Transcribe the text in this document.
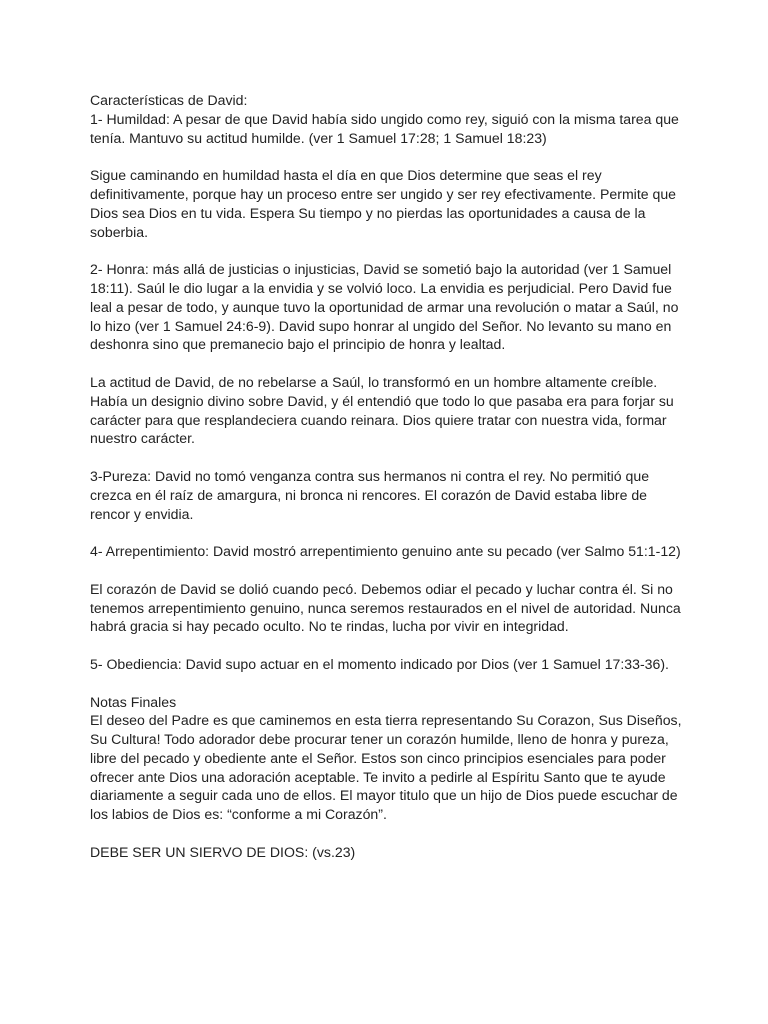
Características de David:
1- Humildad: A pesar de que David había sido ungido como rey, siguió con la misma tarea que
tenía. Mantuvo su actitud humilde. (ver 1 Samuel 17:28; 1 Samuel 18:23)

Sigue caminando en humildad hasta el día en que Dios determine que seas el rey
definitivamente, porque hay un proceso entre ser ungido y ser rey efectivamente. Permite que
Dios sea Dios en tu vida. Espera Su tiempo y no pierdas las oportunidades a causa de la
soberbia.

2- Honra: más allá de justicias o injusticias, David se sometió bajo la autoridad (ver 1 Samuel
18:11). Saúl le dio lugar a la envidia y se volvió loco. La envidia es perjudicial. Pero David fue
leal a pesar de todo, y aunque tuvo la oportunidad de armar una revolución o matar a Saúl, no
lo hizo (ver 1 Samuel 24:6-9). David supo honrar al ungido del Señor. No levanto su mano en
deshonra sino que premanecio bajo el principio de honra y lealtad.

La actitud de David, de no rebelarse a Saúl, lo transformó en un hombre altamente creíble.
Había un designio divino sobre David, y él entendió que todo lo que pasaba era para forjar su
carácter para que resplandeciera cuando reinara. Dios quiere tratar con nuestra vida, formar
nuestro carácter.

3-Pureza: David no tomó venganza contra sus hermanos ni contra el rey. No permitió que
crezca en él raíz de amargura, ni bronca ni rencores. El corazón de David estaba libre de
rencor y envidia.

4- Arrepentimiento: David mostró arrepentimiento genuino ante su pecado (ver Salmo 51:1-12)

El corazón de David se dolió cuando pecó. Debemos odiar el pecado y luchar contra él. Si no
tenemos arrepentimiento genuino, nunca seremos restaurados en el nivel de autoridad. Nunca
habrá gracia si hay pecado oculto. No te rindas, lucha por vivir en integridad.

5- Obediencia: David supo actuar en el momento indicado por Dios (ver 1 Samuel 17:33-36).

Notas Finales
El deseo del Padre es que caminemos en esta tierra representando Su Corazon, Sus Diseños,
Su Cultura! Todo adorador debe procurar tener un corazón humilde, lleno de honra y pureza,
libre del pecado y obediente ante el Señor. Estos son cinco principios esenciales para poder
ofrecer ante Dios una adoración aceptable. Te invito a pedirle al Espíritu Santo que te ayude
diariamente a seguir cada uno de ellos. El mayor titulo que un hijo de Dios puede escuchar de
los labios de Dios es: “conforme a mi Corazón”.

DEBE SER UN SIERVO DE DIOS: (vs.23)
